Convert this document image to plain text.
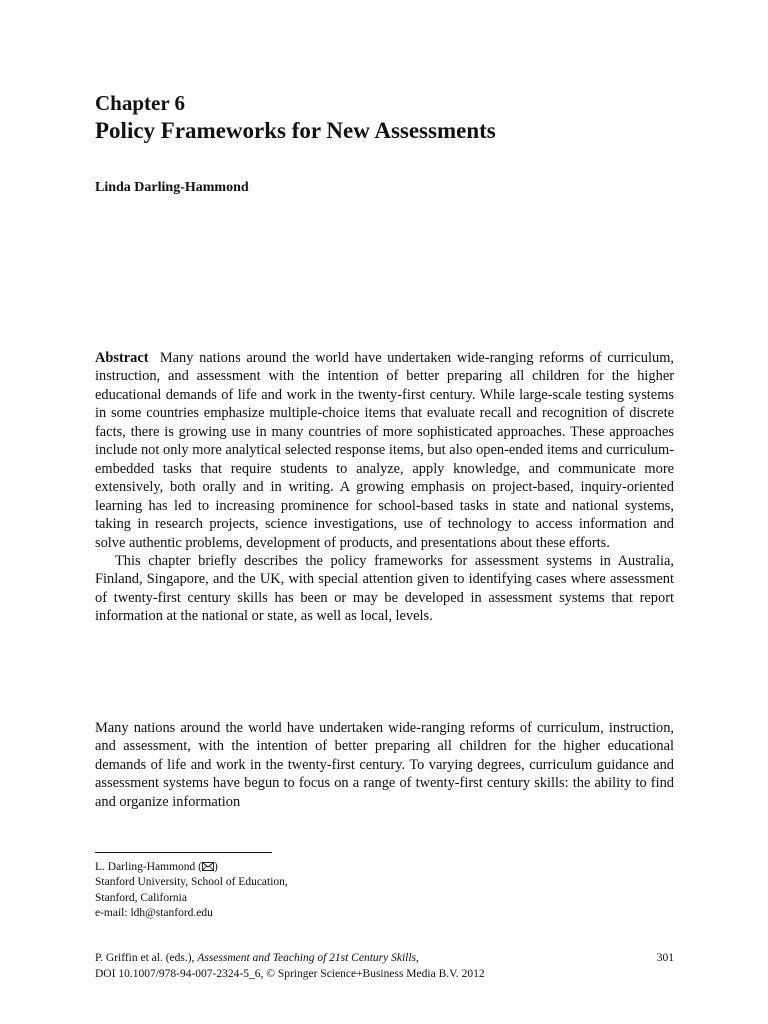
Chapter 6
Policy Frameworks for New Assessments
Linda Darling-Hammond

Abstract Many nations around the world have undertaken wide-ranging reforms of curriculum, instruction, and assessment with the intention of better preparing all children for the higher educational demands of life and work in the twenty-first century. While large-scale testing systems in some countries emphasize multiple-choice items that evaluate recall and recognition of discrete facts, there is growing use in many countries of more sophisticated approaches. These approaches include not only more analytical selected response items, but also open-ended items and curriculum-embedded tasks that require students to analyze, apply knowledge, and communicate more extensively, both orally and in writing. A growing emphasis on project-based, inquiry-oriented learning has led to increasing prominence for school-based tasks in state and national systems, taking in research projects, science investigations, use of technology to access information and solve authentic problems, development of products, and presentations about these efforts.

This chapter briefly describes the policy frameworks for assessment systems in Australia, Finland, Singapore, and the UK, with special attention given to identifying cases where assessment of twenty-first century skills has been or may be developed in assessment systems that report information at the national or state, as well as local, levels.

Many nations around the world have undertaken wide-ranging reforms of curriculum, instruction, and assessment, with the intention of better preparing all children for the higher educational demands of life and work in the twenty-first century. To varying degrees, curriculum guidance and assessment systems have begun to focus on a range of twenty-first century skills: the ability to find and organize information

L. Darling-Hammond ( )
Stanford University, School of Education,
Stanford, California
e-mail: ldh@stanford.edu
P. Griffin et al. (eds.), Assessment and Teaching of 21st Century Skills,	301
DOI 10.1007/978-94-007-2324-5_6, © Springer Science+Business Media B.V. 2012
